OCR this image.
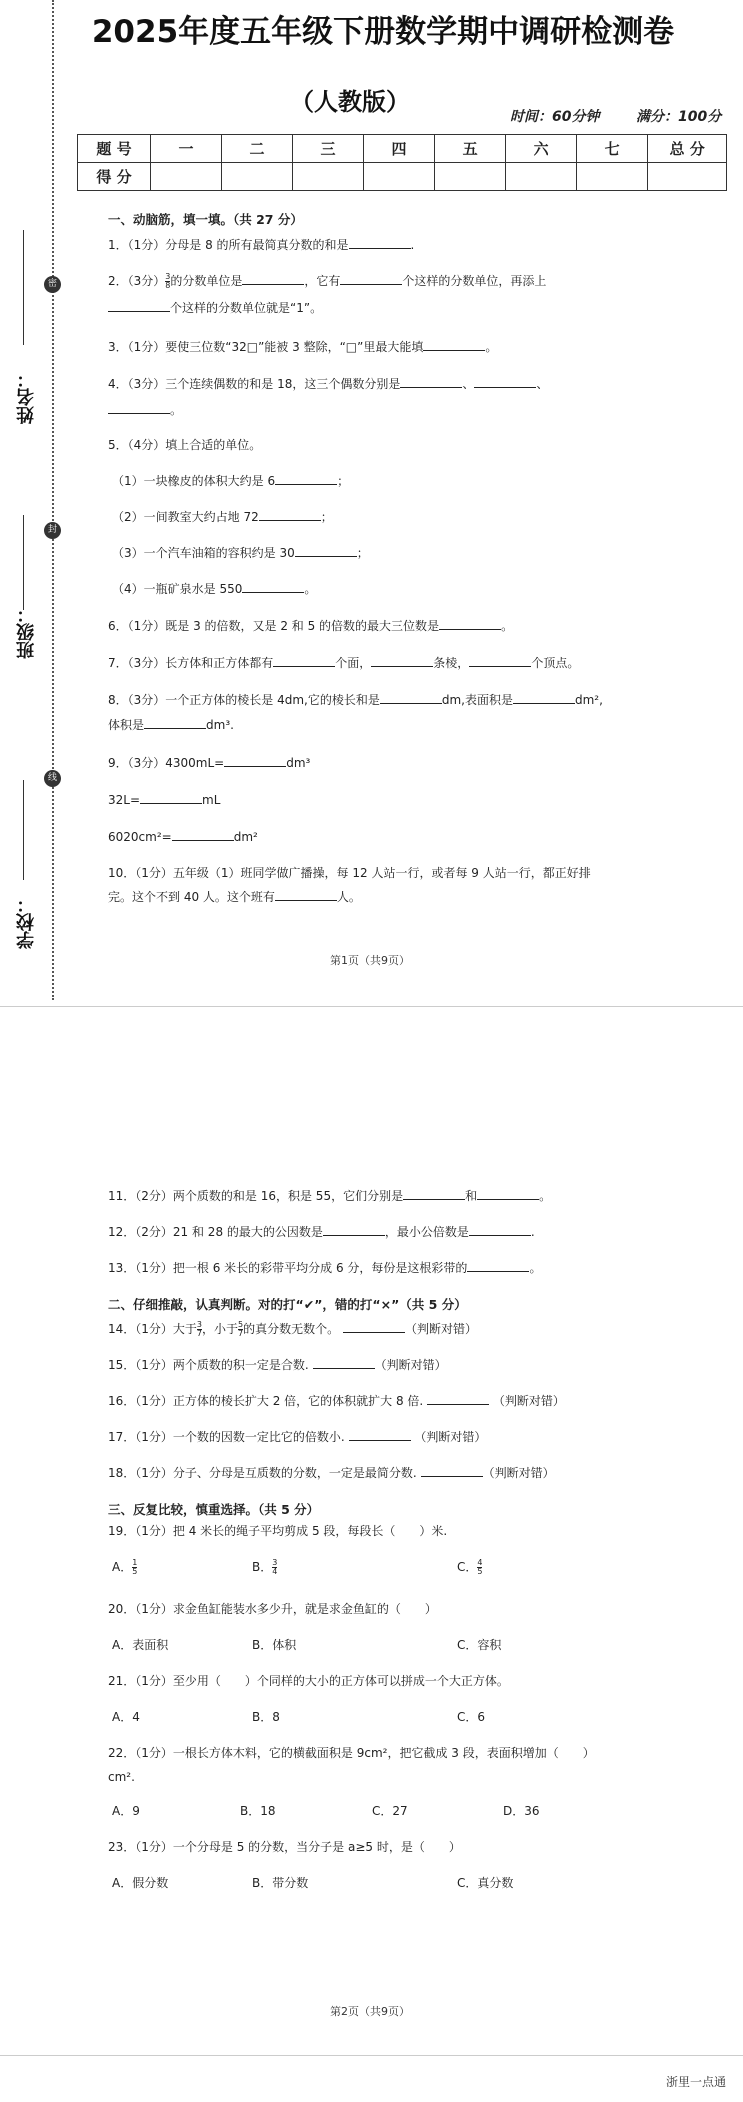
姓名：
密
班级：
封
学校：
线
2025年度五年级下册数学期中调研检测卷
（人教版）
时间：60分钟	满分：100分
题 号	一	二	三	四	五	六	七	总 分
得 分								
一、动脑筋，填一填。（共 27 分）
1．（1分）分母是 8 的所有最简真分数的和是	.
2．（3分） $\frac{3}{8}$ 的分数单位是	，它有	个这样的分数单位，再添上
个这样的分数单位就是“1”。
3．（1分）要使三位数“32□”能被 3 整除，“□”里最大能填	。
4．（3分）三个连续偶数的和是 18，这三个偶数分别是	、	、
。
5．（4分）填上合适的单位。
（1）一块橡皮的体积大约是 6	；
（2）一间教室大约占地 72	；
（3）一个汽车油箱的容积约是 30	；
（4）一瓶矿泉水是 550	。
6．（1分）既是 3 的倍数，又是 2 和 5 的倍数的最大三位数是	。
7．（3分）长方体和正方体都有	个面，	条棱，	个顶点。
8．（3分）一个正方体的棱长是 4dm,它的棱长和是	dm,表面积是	dm²,
体积是	dm³.
9．（3分）4300mL=	dm³
32L=	mL
6020cm²=	dm²
10．（1分）五年级（1）班同学做广播操，每 12 人站一行，或者每 9 人站一行，都正好排
完。这个不到 40 人。这个班有	人。
第1页（共9页）
11．（2分）两个质数的和是 16，积是 55，它们分别是	和	。
12．（2分）21 和 28 的最大的公因数是	，最小公倍数是	.
13．（1分）把一根 6 米长的彩带平均分成 6 分，每份是这根彩带的	。
二、仔细推敲，认真判断。对的打“✔”，错的打“×”（共 5 分）
14．（1分）大于 $\frac{3}{7}$ ，小于 $\frac{5}{7}$ 的真分数无数个。	（判断对错）
15．（1分）两个质数的积一定是合数.	（判断对错）
16．（1分）正方体的棱长扩大 2 倍，它的体积就扩大 8 倍.	（判断对错）
17．（1分）一个数的因数一定比它的倍数小.	（判断对错）
18．（1分）分子、分母是互质数的分数，一定是最简分数.	（判断对错）
三、反复比较，慎重选择。（共 5 分）
19．（1分）把 4 米长的绳子平均剪成 5 段，每段长（　　）米.
A． $\frac{1}{5}$	B． $\frac{3}{4}$	C． $\frac{4}{5}$
20．（1分）求金鱼缸能装水多少升，就是求金鱼缸的（　　）
A．表面积	B．体积	C．容积
21．（1分）至少用（　　）个同样的大小的正方体可以拼成一个大正方体。
A．4	B．8	C．6
22．（1分）一根长方体木料，它的横截面积是 9cm²，把它截成 3 段，表面积增加（　　）
cm².
A．9	B．18	C．27	D．36
23．（1分）一个分母是 5 的分数，当分子是 a≥5 时，是（　　）
A．假分数	B．带分数	C．真分数
第2页（共9页）
浙里一点通
